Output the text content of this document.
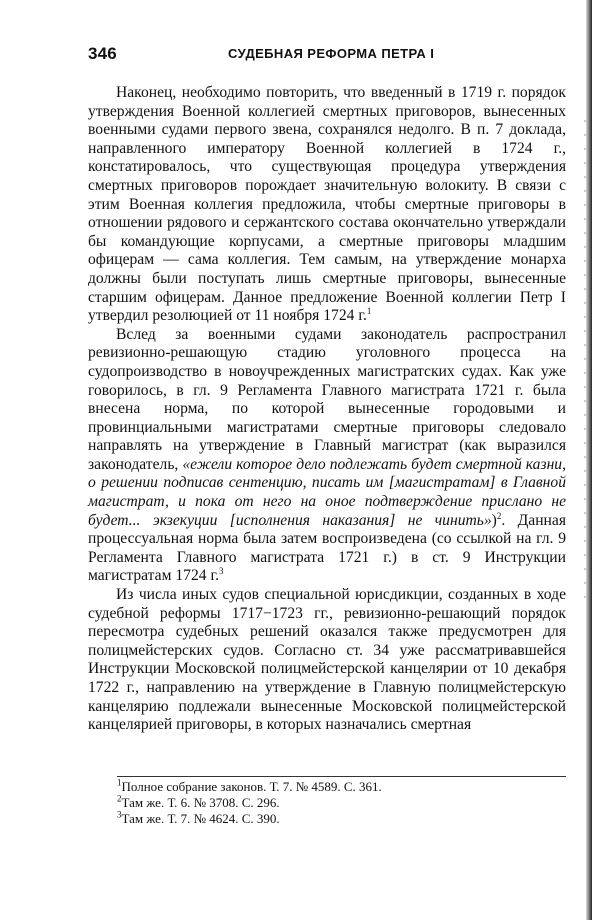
346	СУДЕБНАЯ РЕФОРМА ПЕТРА I

Наконец, необходимо повторить, что введенный в 1719 г. порядок утверждения Военной коллегией смертных приговоров, вынесенных военными судами первого звена, сохранялся недолго. В п. 7 доклада, направленного императору Военной коллегией в 1724 г., констатировалось, что существующая процедура утверждения смертных приговоров порождает значительную волокиту. В связи с этим Военная коллегия предложила, чтобы смертные приговоры в отношении рядового и сержантского состава окончательно утверждали бы командующие корпусами, а смертные приговоры младшим офицерам — сама коллегия. Тем самым, на утверждение монарха должны были поступать лишь смертные приговоры, вынесенные старшим офицерам. Данное предложение Военной коллегии Петр I утвердил резолюцией от 11 ноября 1724 г.$^1$

Вслед за военными судами законодатель распространил ревизионно-решающую стадию уголовного процесса на судопроизводство в новоучрежденных магистратских судах. Как уже говорилось, в гл. 9 Регламента Главного магистрата 1721 г. была внесена норма, по которой вынесенные городовыми и провинциальными магистратами смертные приговоры следовало направлять на утверждение в Главный магистрат (как выразился законодатель, «ежели которое дело подлежать будет смертной казни, о решении подписав сентенцию, писать им [магистратам] в Главной магистрат, и пока от него на оное подтверждение прислано не будет... экзекуции [исполнения наказания] не чинить»)$^2$. Данная процессуальная норма была затем воспроизведена (со ссылкой на гл. 9 Регламента Главного магистрата 1721 г.) в ст. 9 Инструкции магистратам 1724 г.$^3$

Из числа иных судов специальной юрисдикции, созданных в ходе судебной реформы 1717−1723 гг., ревизионно-решающий порядок пересмотра судебных решений оказался также предусмотрен для полицмейстерских судов. Согласно ст. 34 уже рассматривавшейся Инструкции Московской полицмейстерской канцелярии от 10 декабря 1722 г., направлению на утверждение в Главную полицмейстерскую канцелярию подлежали вынесенные Московской полицмейстерской канцелярией приговоры, в которых назначались смертная

$^1$Полное собрание законов. Т. 7. № 4589. С. 361.

$^2$Там же. Т. 6. № 3708. С. 296.

$^3$Там же. Т. 7. № 4624. С. 390.
